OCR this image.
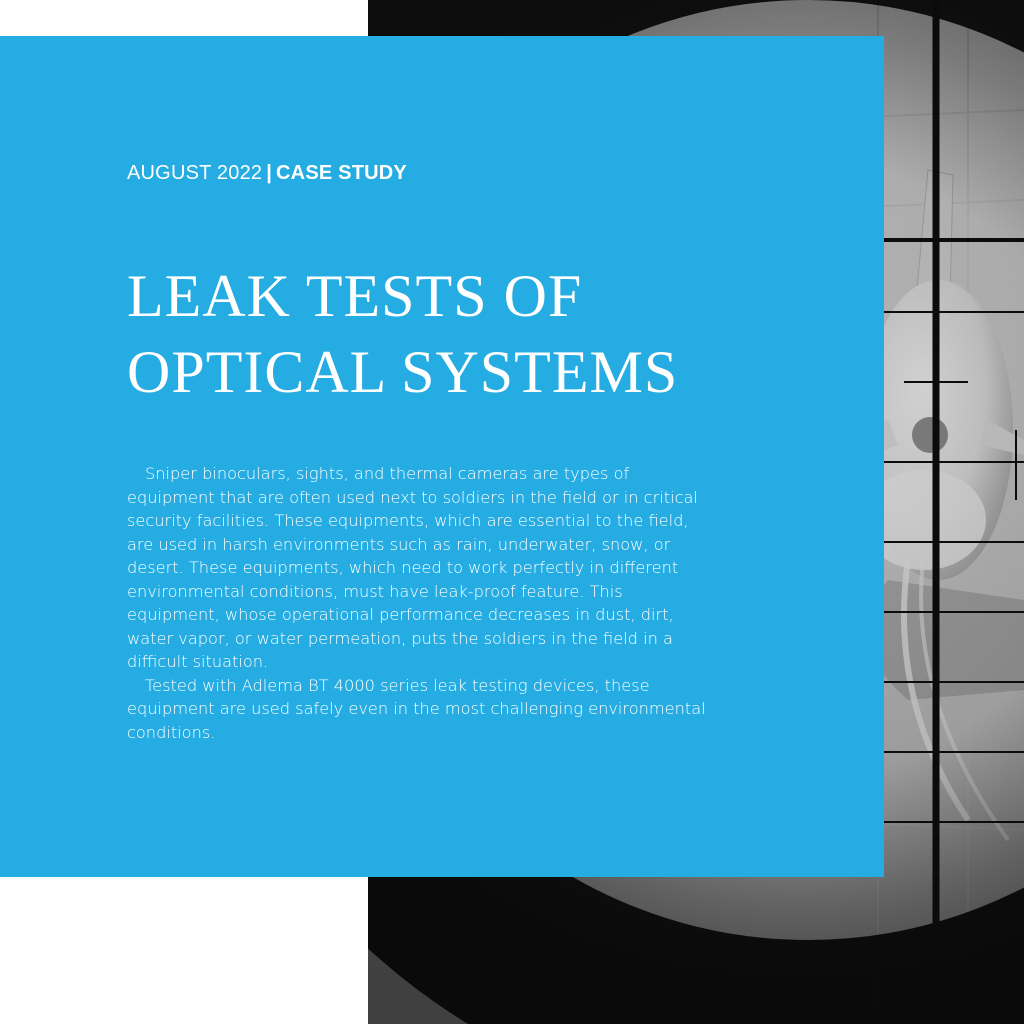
AUGUST 2022 | CASE STUDY
LEAK TESTS OF
OPTICAL SYSTEMS

Sniper binoculars, sights, and thermal cameras are types of equipment that are often used next to soldiers in the field or in critical security facilities. These equipments, which are essential to the field, are used in harsh environments such as rain, underwater, snow, or desert. These equipments, which need to work perfectly in different environmental conditions, must have leak-proof feature. This equipment, whose operational performance decreases in dust, dirt, water vapor, or water permeation, puts the soldiers in the field in a difficult situation.

Tested with Adlema BT 4000 series leak testing devices, these equipment are used safely even in the most challenging environmental conditions.
